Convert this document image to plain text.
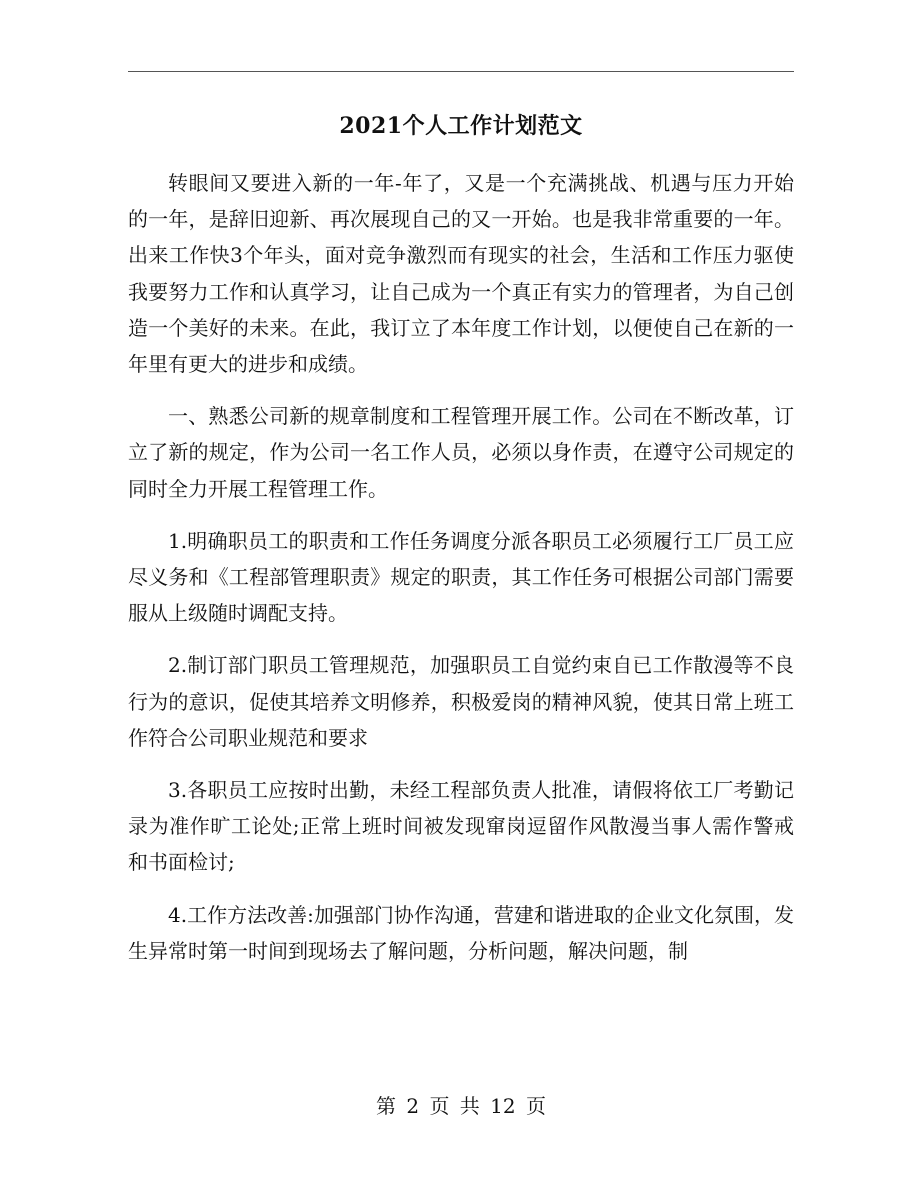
2021个人工作计划范文

转眼间又要进入新的一年-年了，又是一个充满挑战、机遇与压力开始的一年，是辞旧迎新、再次展现自己的又一开始。也是我非常重要的一年。出来工作快3个年头，面对竞争激烈而有现实的社会，生活和工作压力驱使我要努力工作和认真学习，让自己成为一个真正有实力的管理者，为自己创造一个美好的未来。在此，我订立了本年度工作计划，以便使自己在新的一年里有更大的进步和成绩。

一、熟悉公司新的规章制度和工程管理开展工作。公司在不断改革，订立了新的规定，作为公司一名工作人员，必须以身作责，在遵守公司规定的同时全力开展工程管理工作。

1.明确职员工的职责和工作任务调度分派各职员工必须履行工厂员工应尽义务和《工程部管理职责》规定的职责，其工作任务可根据公司部门需要服从上级随时调配支持。

2.制订部门职员工管理规范，加强职员工自觉约束自已工作散漫等不良行为的意识，促使其培养文明修养，积极爱岗的精神风貌，使其日常上班工作符合公司职业规范和要求

3.各职员工应按时出勤，未经工程部负责人批准，请假将依工厂考勤记录为准作旷工论处;正常上班时间被发现窜岗逗留作风散漫当事人需作警戒和书面检讨;

4.工作方法改善:加强部门协作沟通，营建和谐进取的企业文化氛围，发生异常时第一时间到现场去了解问题，分析问题，解决问题，制

第 2 页 共 12 页
